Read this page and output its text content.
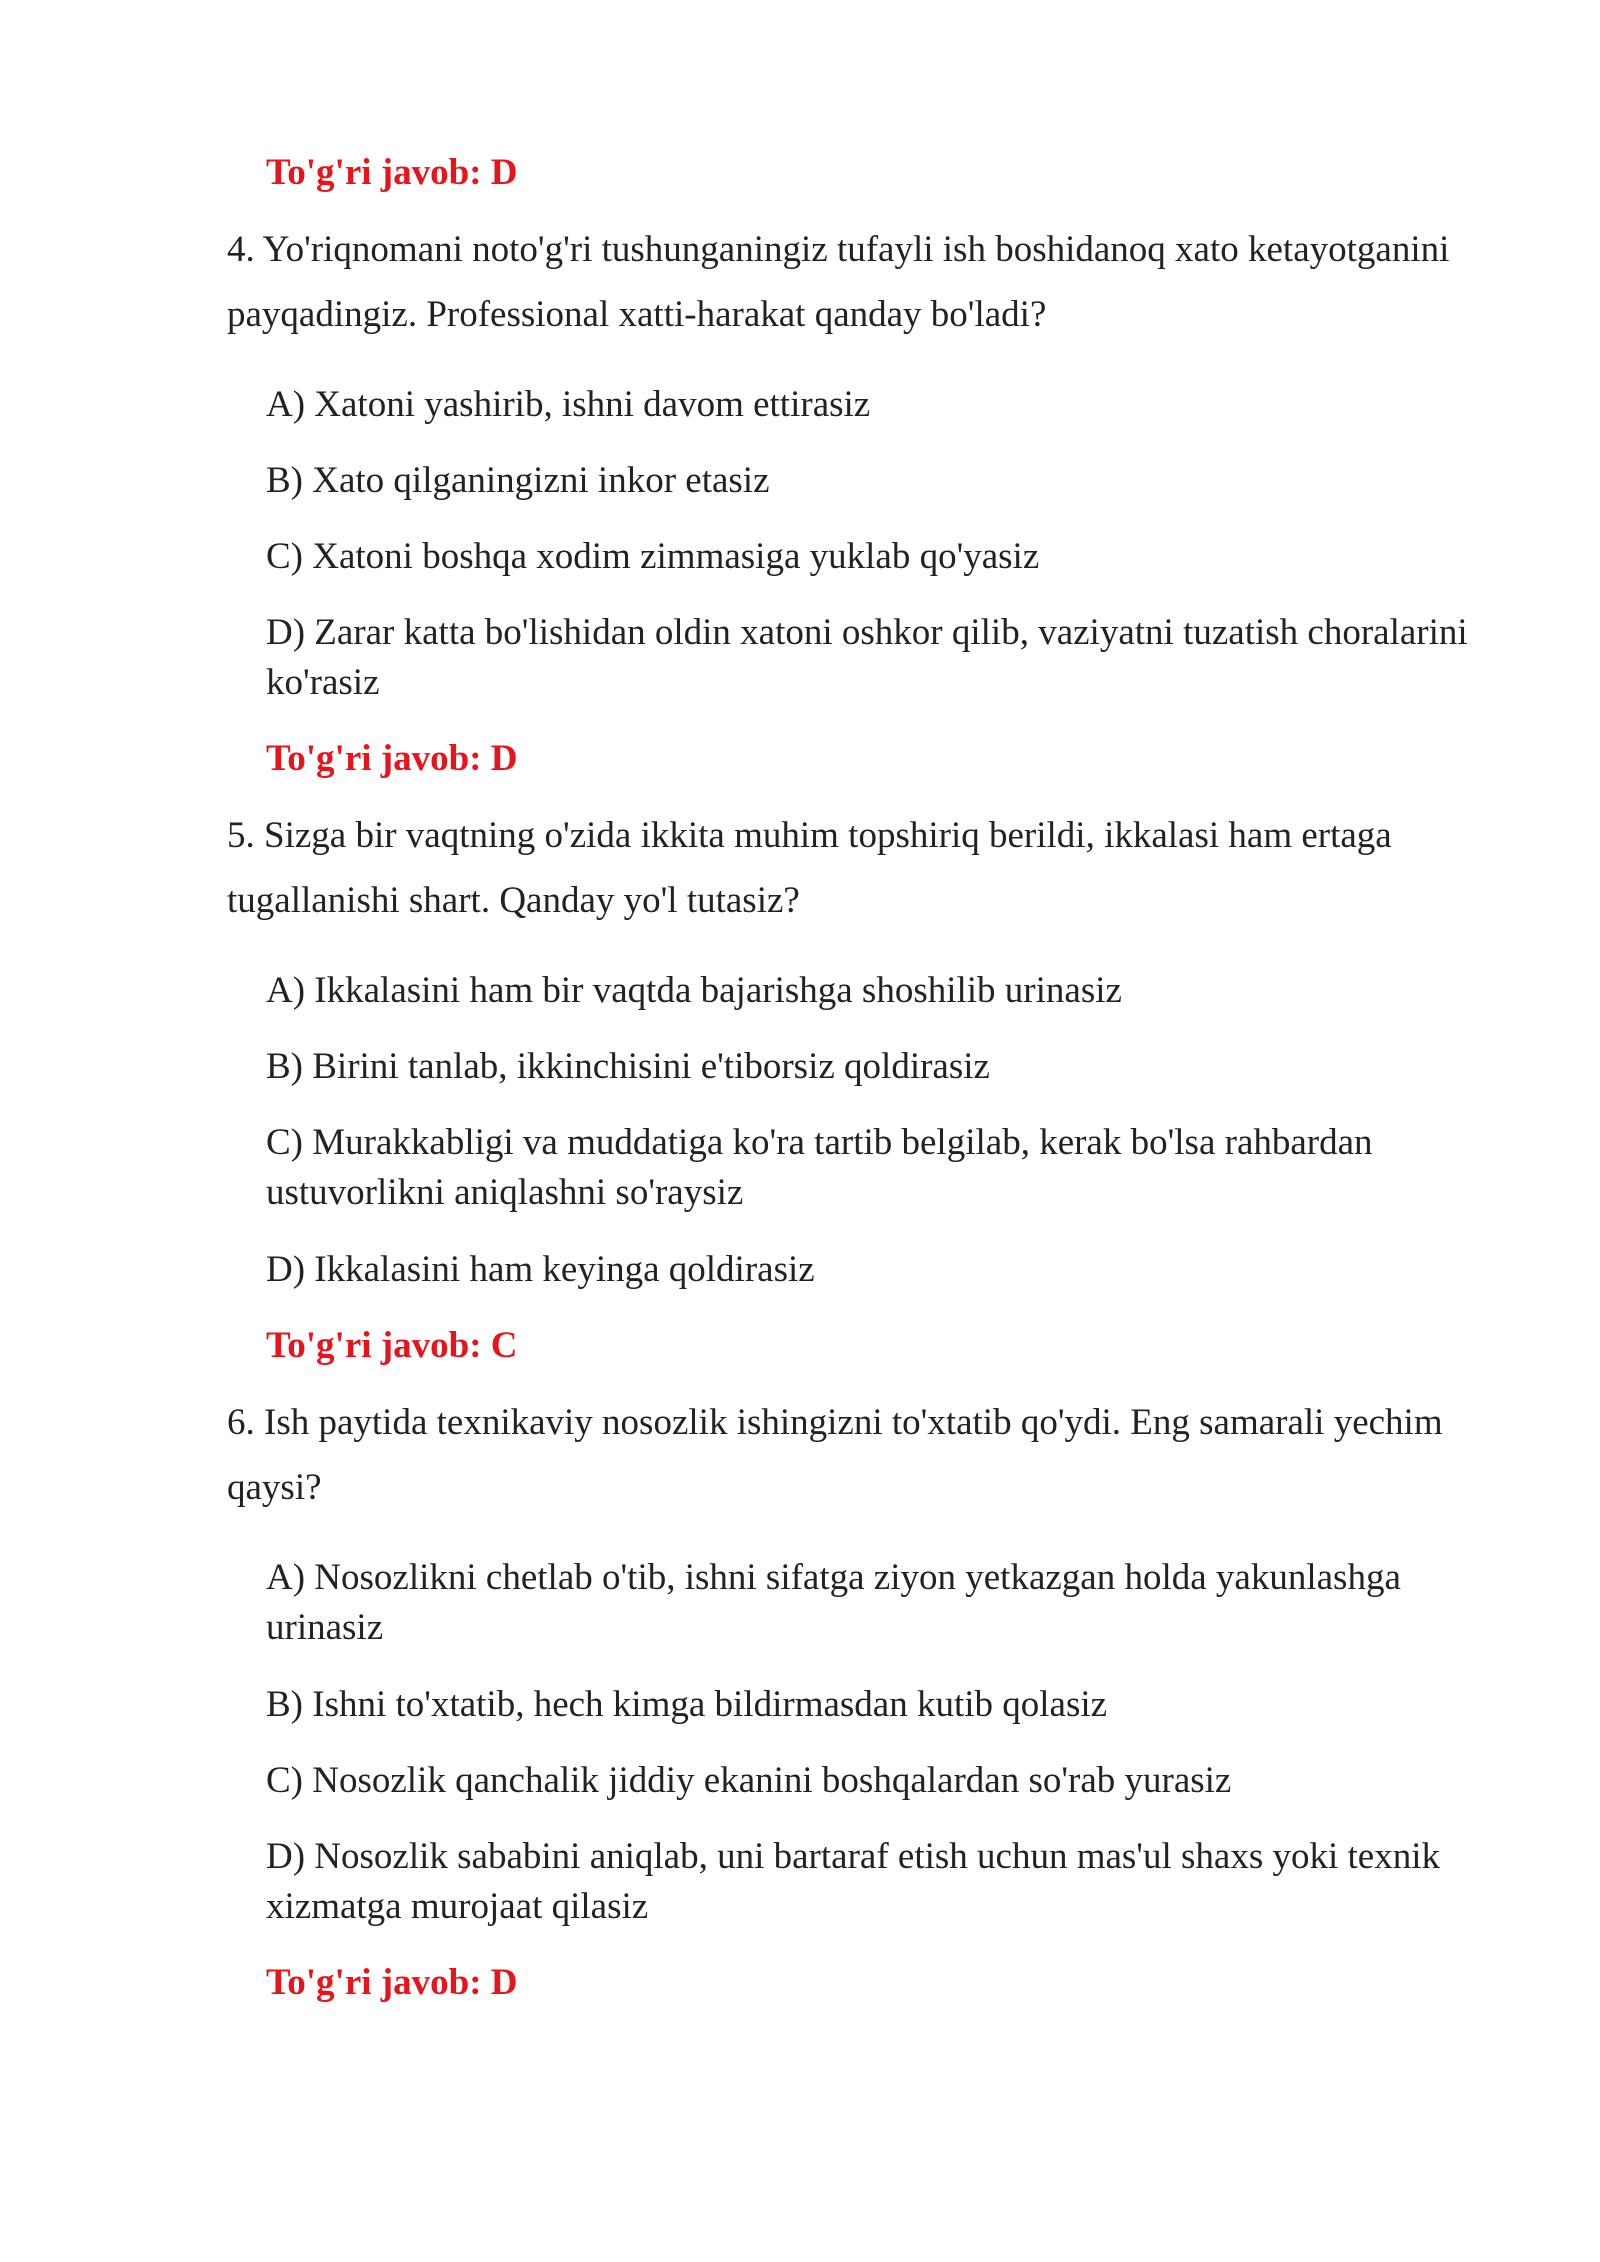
To'g'ri javob: D
4. Yo'riqnomani noto'g'ri tushunganingiz tufayli ish boshidanoq xato ketayotganini payqadingiz. Professional xatti-harakat qanday bo'ladi?
A) Xatoni yashirib, ishni davom ettirasiz
B) Xato qilganingizni inkor etasiz
C) Xatoni boshqa xodim zimmasiga yuklab qo'yasiz
D) Zarar katta bo'lishidan oldin xatoni oshkor qilib, vaziyatni tuzatish choralarini ko'rasiz
To'g'ri javob: D
5. Sizga bir vaqtning o'zida ikkita muhim topshiriq berildi, ikkalasi ham ertaga tugallanishi shart. Qanday yo'l tutasiz?
A) Ikkalasini ham bir vaqtda bajarishga shoshilib urinasiz
B) Birini tanlab, ikkinchisini e'tiborsiz qoldirasiz
C) Murakkabligi va muddatiga ko'ra tartib belgilab, kerak bo'lsa rahbardan ustuvorlikni aniqlashni so'raysiz
D) Ikkalasini ham keyinga qoldirasiz
To'g'ri javob: C
6. Ish paytida texnikaviy nosozlik ishingizni to'xtatib qo'ydi. Eng samarali yechim qaysi?
A) Nosozlikni chetlab o'tib, ishni sifatga ziyon yetkazgan holda yakunlashga urinasiz
B) Ishni to'xtatib, hech kimga bildirmasdan kutib qolasiz
C) Nosozlik qanchalik jiddiy ekanini boshqalardan so'rab yurasiz
D) Nosozlik sababini aniqlab, uni bartaraf etish uchun mas'ul shaxs yoki texnik xizmatga murojaat qilasiz
To'g'ri javob: D
